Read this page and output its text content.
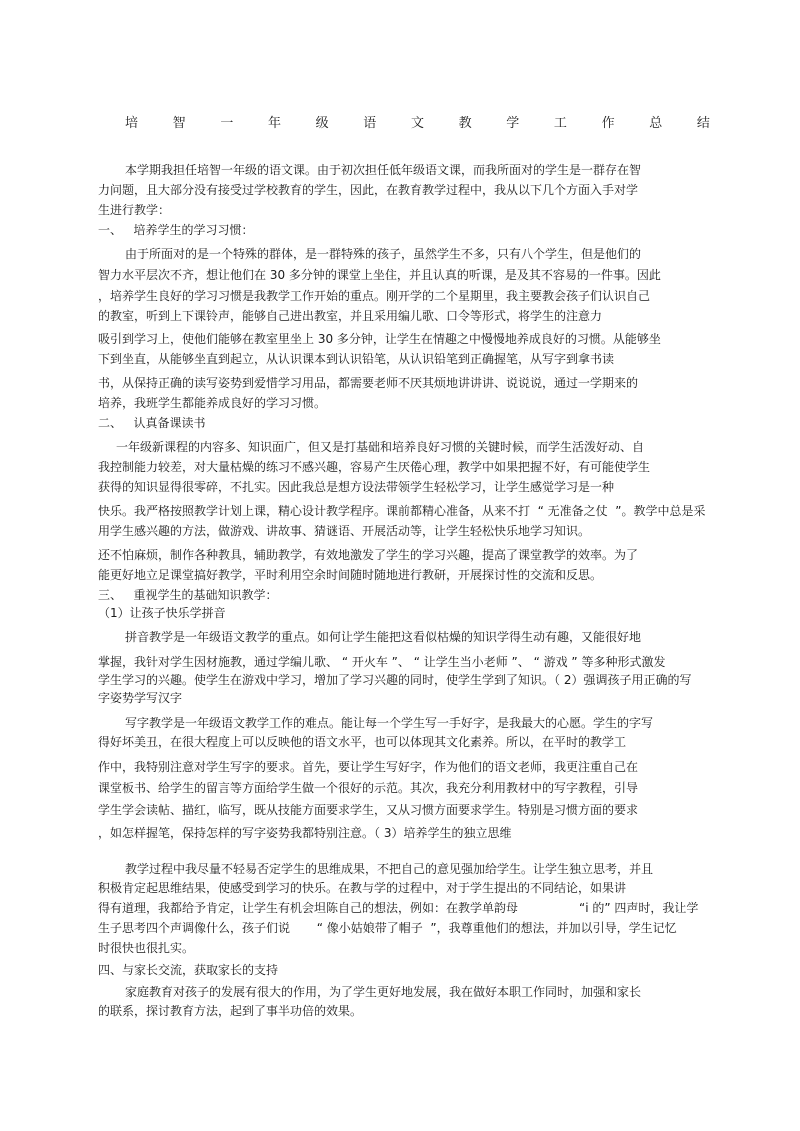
培	智	一	年	级	语	文	教	学	工	作	总	结
本学期我担任培智一年级的语文课。由于初次担任低年级语文课，而我所面对的学生是一群存在智
力问题，且大部分没有接受过学校教育的学生，因此，在教育教学过程中，我从以下几个方面入手对学
生进行教学：
一、   培养学生的学习习惯：
由于所面对的是一个特殊的群体，是一群特殊的孩子，虽然学生不多，只有八个学生，但是他们的
智力水平层次不齐，想让他们在 30 多分钟的课堂上坐住，并且认真的听课，是及其不容易的一件事。因此
，培养学生良好的学习习惯是我教学工作开始的重点。刚开学的二个星期里，我主要教会孩子们认识自己
的教室，听到上下课铃声，能够自己进出教室，并且采用编儿歌、口令等形式，将学生的注意力
吸引到学习上，使他们能够在教室里坐上 30 多分钟，让学生在情趣之中慢慢地养成良好的习惯。从能够坐
下到坐直，从能够坐直到起立，从认识课本到认识铅笔，从认识铅笔到正确握笔，从写字到拿书读
书，从保持正确的读写姿势到爱惜学习用品，都需要老师不厌其烦地讲讲讲、说说说，通过一学期来的
培养，我班学生都能养成良好的学习习惯。
二、   认真备课读书
一年级新课程的内容多、知识面广，但又是打基础和培养良好习惯的关键时候，而学生活泼好动、自
我控制能力较差，对大量枯燥的练习不感兴趣，容易产生厌倦心理，教学中如果把握不好，有可能使学生
获得的知识显得很零碎，不扎实。因此我总是想方设法带领学生轻松学习，让学生感觉学习是一种
快乐。我严格按照教学计划上课，精心设计教学程序。课前都精心准备，从来不打  “ 无准备之仗  ”。教学中总是采
用学生感兴趣的方法，做游戏、讲故事、猜谜语、开展活动等，让学生轻松快乐地学习知识。
还不怕麻烦，制作各种教具，辅助教学，有效地激发了学生的学习兴趣，提高了课堂教学的效率。为了
能更好地立足课堂搞好教学，平时利用空余时间随时随地进行教研，开展探讨性的交流和反思。
三、   重视学生的基础知识教学：
（1）让孩子快乐学拼音
拼音教学是一年级语文教学的重点。如何让学生能把这看似枯燥的知识学得生动有趣，又能很好地
掌握，我针对学生因材施教，通过学编儿歌、 “ 开火车 ”、 “ 让学生当小老师 ”、 “ 游戏 ” 等多种形式激发
学生学习的兴趣。使学生在游戏中学习，增加了学习兴趣的同时，使学生学到了知识。（ 2）强调孩子用正确的写
字姿势学写汉字
写字教学是一年级语文教学工作的难点。能让每一个学生写一手好字，是我最大的心愿。学生的字写
得好坏美丑，在很大程度上可以反映他的语文水平，也可以体现其文化素养。所以，在平时的教学工
作中，我特别注意对学生写字的要求。首先，要让学生写好字，作为他们的语文老师，我更注重自己在
课堂板书、给学生的留言等方面给学生做一个很好的示范。其次，我充分利用教材中的写字教程，引导
学生学会读帖、描红，临写，既从技能方面要求学生，又从习惯方面要求学生。特别是习惯方面的要求
，如怎样握笔，保持怎样的写字姿势我都特别注意。（ 3）培养学生的独立思维
教学过程中我尽量不轻易否定学生的思维成果，不把自己的意见强加给学生。让学生独立思考，并且
积极肯定起思维结果，使感受到学习的快乐。在教与学的过程中，对于学生提出的不同结论，如果讲
得有道理，我都给予肯定，让学生有机会坦陈自己的想法，例如：在教学单韵母                “i 的” 四声时，我让学
生子思考四个声调像什么，孩子们说       “ 像小姑娘带了帽子  ”，我尊重他们的想法，并加以引导，学生记忆
时很快也很扎实。
四、与家长交流，获取家长的支持
家庭教育对孩子的发展有很大的作用，为了学生更好地发展，我在做好本职工作同时，加强和家长
的联系，探讨教育方法，起到了事半功倍的效果。
